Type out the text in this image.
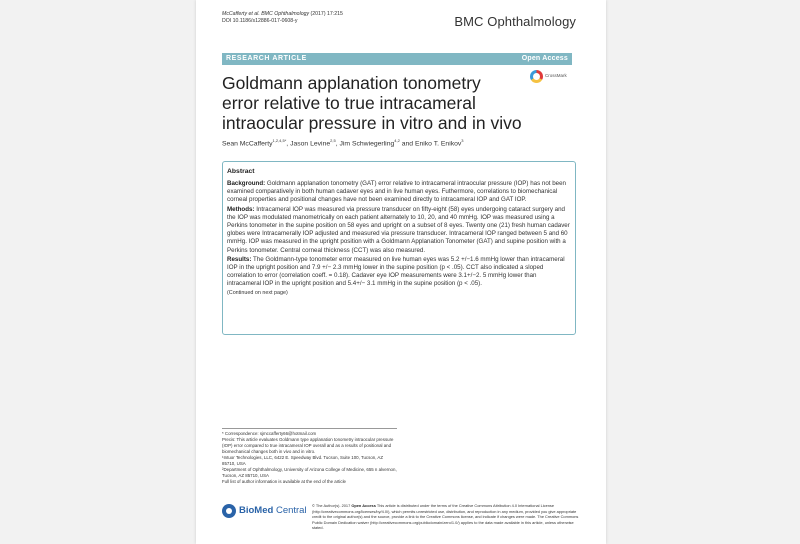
McCafferty et al. BMC Ophthalmology (2017) 17:215
DOI 10.1186/s12886-017-0608-y	BMC Ophthalmology
RESEARCH ARTICLE	Open Access
Goldmann applanation tonometry error relative to true intracameral intraocular pressure in vitro and in vivo
CrossMark
Sean McCafferty$^{1,2,4,5*}$, Jason Levine$^{2,5}$, Jim Schwiegerling$^{4,2}$ and Eniko T. Enikov$^3$
Abstract
Background: Goldmann applanation tonometry (GAT) error relative to intracameral intraocular pressure (IOP) has not been examined comparatively in both human cadaver eyes and in live human eyes. Futhermore, correlations to biomechanical corneal properties and positional changes have not been examined directly to intracameral IOP and GAT IOP.
Methods: Intracameral IOP was measured via pressure transducer on fifty-eight (58) eyes undergoing cataract surgery and the IOP was modulated manometrically on each patient alternately to 10, 20, and 40 mmHg. IOP was measured using a Perkins tonometer in the supine position on 58 eyes and upright on a subset of 8 eyes. Twenty one (21) fresh human cadaver globes were Intracamerally IOP adjusted and measured via pressure transducer. Intracameral IOP ranged between 5 and 60 mmHg. IOP was measured in the upright position with a Goldmann Applanation Tonometer (GAT) and supine position with a Perkins tonometer. Central corneal thickness (CCT) was also measured.
Results: The Goldmann-type tonometer error measured on live human eyes was 5.2 +/−1.6 mmHg lower than intracameral IOP in the upright position and 7.9 +/− 2.3 mmHg lower in the supine position (p < .05). CCT also indicated a sloped correlation to error (correlation coeff. = 0.18). Cadaver eye IOP measurements were 3.1+/−2. 5 mmHg lower than intracameral IOP in the upright position and 5.4+/− 3.1 mmHg in the supine position (p < .05).
(Continued on next page)

* Correspondence: sjmccafferty66@hotmail.com

Precis: This article evaluates Goldmann type applanation tonometry intraocular pressure (IOP) error compared to true intracameral IOP overall and as a results of positional and biomechanical changes both in vivo and in vitro.

¹Intuor Technologies, LLC, 6422 E. Speedway Blvd. Tucson, Suite 100, Tucson, AZ 85710, USA

²Department of Ophthalmology, University of Arizona College of Medicine, 655 n alvernon, Tucson, AZ 85710, USA

Full list of author information is available at the end of the article

BioMed Central © The Author(s). 2017 Open Access This article is distributed under the terms of the Creative Commons Attribution 4.0 International License (http://creativecommons.org/licenses/by/4.0/), which permits unrestricted use, distribution, and reproduction in any medium, provided you give appropriate credit to the original author(s) and the source, provide a link to the Creative Commons license, and indicate if changes were made. The Creative Commons Public Domain Dedication waiver (http://creativecommons.org/publicdomain/zero/1.0/) applies to the data made available in this article, unless otherwise stated.
